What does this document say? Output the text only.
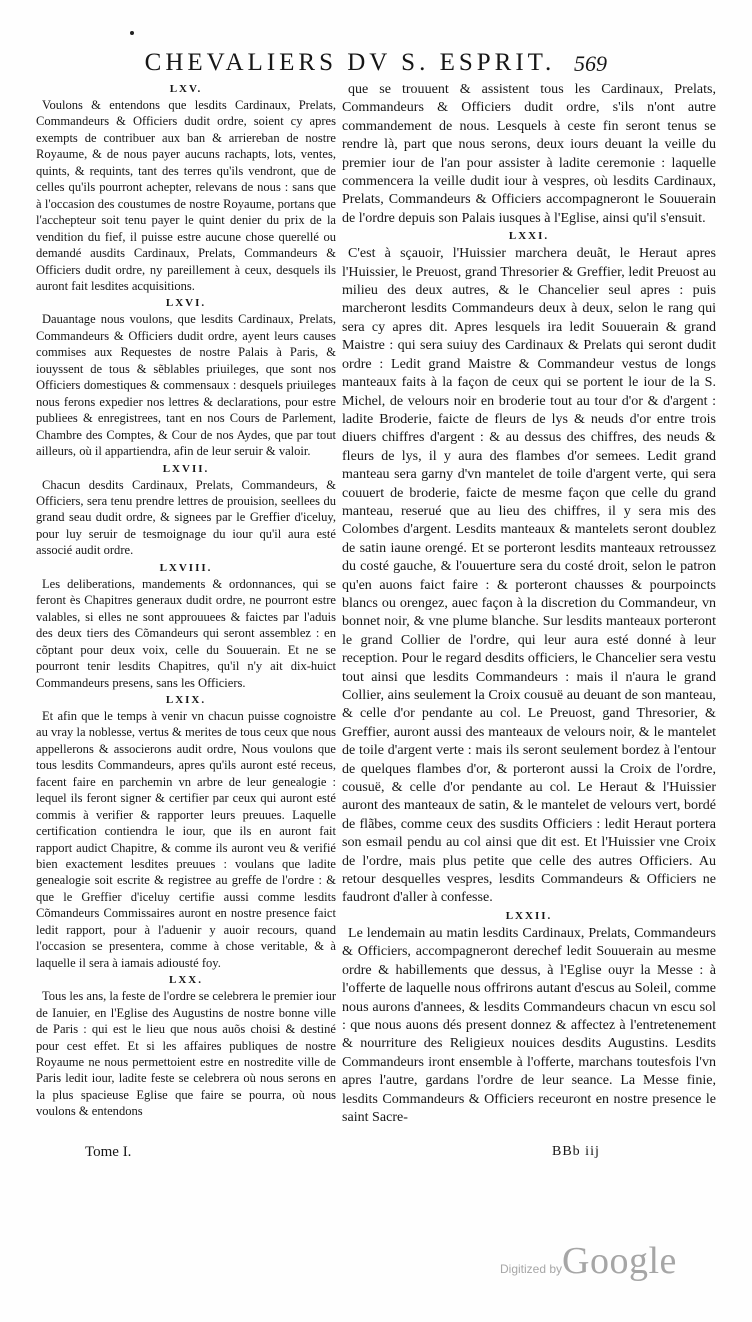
CHEVALIERS DV S. ESPRIT. 569
LXV.

Voulons & entendons que lesdits Cardinaux, Prelats, Commandeurs & Officiers dudit ordre, soient cy apres exempts de contribuer aux ban & arriereban de nostre Royaume, & de nous payer aucuns rachapts, lots, ventes, quints, & requints, tant des terres qu'ils vendront, que de celles qu'ils pourront achepter, relevans de nous : sans que à l'occasion des coustumes de nostre Royaume, portans que l'acchepteur soit tenu payer le quint denier du prix de la vendition du fief, il puisse estre aucune chose querellé ou demandé ausdits Cardinaux, Prelats, Commandeurs & Officiers dudit ordre, ny pareillement à ceux, desquels ils auront fait lesdites acquisitions.

LXVI.

Dauantage nous voulons, que lesdits Cardinaux, Prelats, Commandeurs & Officiers dudit ordre, ayent leurs causes commises aux Requestes de nostre Palais à Paris, & iouyssent de tous & sẽblables priuileges, que sont nos Officiers domestiques & commensaux : desquels priuileges nous ferons expedier nos lettres & declarations, pour estre publiees & enregistrees, tant en nos Cours de Parlement, Chambre des Comptes, & Cour de nos Aydes, que par tout ailleurs, où il appartiendra, afin de leur seruir & valoir.

LXVII.

Chacun desdits Cardinaux, Prelats, Commandeurs, & Officiers, sera tenu prendre lettres de prouision, seellees du grand seau dudit ordre, & signees par le Greffier d'iceluy, pour luy seruir de tesmoignage du iour qu'il aura esté associé audit ordre.

LXVIII.

Les deliberations, mandements & ordonnances, qui se feront ès Chapitres generaux dudit ordre, ne pourront estre valables, si elles ne sont approuuees & faictes par l'aduis des deux tiers des Cõmandeurs qui seront assemblez : en cõptant pour deux voix, celle du Souuerain. Et ne se pourront tenir lesdits Chapitres, qu'il n'y ait dix-huict Commandeurs presens, sans les Officiers.

LXIX.

Et afin que le temps à venir vn chacun puisse cognoistre au vray la noblesse, vertus & merites de tous ceux que nous appellerons & associerons audit ordre, Nous voulons que tous lesdits Commandeurs, apres qu'ils auront esté receus, facent faire en parchemin vn arbre de leur genealogie : lequel ils feront signer & certifier par ceux qui auront esté commis à verifier & rapporter leurs preuues. Laquelle certification contiendra le iour, que ils en auront fait rapport audict Chapitre, & comme ils auront veu & verifié bien exactement lesdites preuues : voulans que ladite genealogie soit escrite & registree au greffe de l'ordre : & que le Greffier d'iceluy certifie aussi comme lesdits Cõmandeurs Commissaires auront en nostre presence faict ledit rapport, pour à l'aduenir y auoir recours, quand l'occasion se presentera, comme à chose veritable, & à laquelle il sera à iamais adiousté foy.

LXX.

Tous les ans, la feste de l'ordre se celebrera le premier iour de Ianuier, en l'Eglise des Augustins de nostre bonne ville de Paris : qui est le lieu que nous auõs choisi & destiné pour cest effet. Et si les affaires publiques de nostre Royaume ne nous permettoient estre en nostredite ville de Paris ledit iour, ladite feste se celebrera où nous serons en la plus spacieuse Eglise que faire se pourra, où nous voulons & entendons

que se trouuent & assistent tous les Cardinaux, Prelats, Commandeurs & Officiers dudit ordre, s'ils n'ont autre commandement de nous. Lesquels à ceste fin seront tenus se rendre là, part que nous serons, deux iours deuant la veille du premier iour de l'an pour assister à ladite ceremonie : laquelle commencera la veille dudit iour à vespres, où lesdits Cardinaux, Prelats, Commandeurs & Officiers accompagneront le Souuerain de l'ordre depuis son Palais iusques à l'Eglise, ainsi qu'il s'ensuit.

LXXI.

C'est à sçauoir, l'Huissier marchera deuãt, le Heraut apres l'Huissier, le Preuost, grand Thresorier & Greffier, ledit Preuost au milieu des deux autres, & le Chancelier seul apres : puis marcheront lesdits Commandeurs deux à deux, selon le rang qui sera cy apres dit. Apres lesquels ira ledit Souuerain & grand Maistre : qui sera suiuy des Cardinaux & Prelats qui seront dudit ordre : Ledit grand Maistre & Commandeur vestus de longs manteaux faits à la façon de ceux qui se portent le iour de la S. Michel, de velours noir en broderie tout au tour d'or & d'argent : ladite Broderie, faicte de fleurs de lys & neuds d'or entre trois diuers chiffres d'argent : & au dessus des chiffres, des neuds & fleurs de lys, il y aura des flambes d'or semees. Ledit grand manteau sera garny d'vn mantelet de toile d'argent verte, qui sera couuert de broderie, faicte de mesme façon que celle du grand manteau, reserué que au lieu des chiffres, il y sera mis des Colombes d'argent. Lesdits manteaux & mantelets seront doublez de satin iaune orengé. Et se porteront lesdits manteaux retroussez du costé gauche, & l'ouuerture sera du costé droit, selon le patron qu'en auons faict faire : & porteront chausses & pourpoincts blancs ou orengez, auec façon à la discretion du Commandeur, vn bonnet noir, & vne plume blanche. Sur lesdits manteaux porteront le grand Collier de l'ordre, qui leur aura esté donné à leur reception. Pour le regard desdits officiers, le Chancelier sera vestu tout ainsi que lesdits Commandeurs : mais il n'aura le grand Collier, ains seulement la Croix cousuë au deuant de son manteau, & celle d'or pendante au col. Le Preuost, gand Thresorier, & Greffier, auront aussi des manteaux de velours noir, & le mantelet de toile d'argent verte : mais ils seront seulement bordez à l'entour de quelques flambes d'or, & porteront aussi la Croix de l'ordre, cousuë, & celle d'or pendante au col. Le Heraut & l'Huissier auront des manteaux de satin, & le mantelet de velours vert, bordé de flãbes, comme ceux des susdits Officiers : ledit Heraut portera son esmail pendu au col ainsi que dit est. Et l'Huissier vne Croix de l'ordre, mais plus petite que celle des autres Officiers. Au retour desquelles vespres, lesdits Commandeurs & Officiers ne faudront d'aller à confesse.

LXXII.

Le lendemain au matin lesdits Cardinaux, Prelats, Commandeurs & Officiers, accompagneront derechef ledit Souuerain au mesme ordre & habillements que dessus, à l'Eglise ouyr la Messe : à l'offerte de laquelle nous offrirons autant d'escus au Soleil, comme nous aurons d'annees, & lesdits Commandeurs chacun vn escu sol : que nous auons dés present donnez & affectez à l'entretenement & nourriture des Religieux nouices desdits Augustins. Lesdits Commandeurs iront ensemble à l'offerte, marchans toutesfois l'vn apres l'autre, gardans l'ordre de leur seance. La Messe finie, lesdits Commandeurs & Officiers receuront en nostre presence le saint Sacre-

Tome I.	BBb iij
Digitized by Google
